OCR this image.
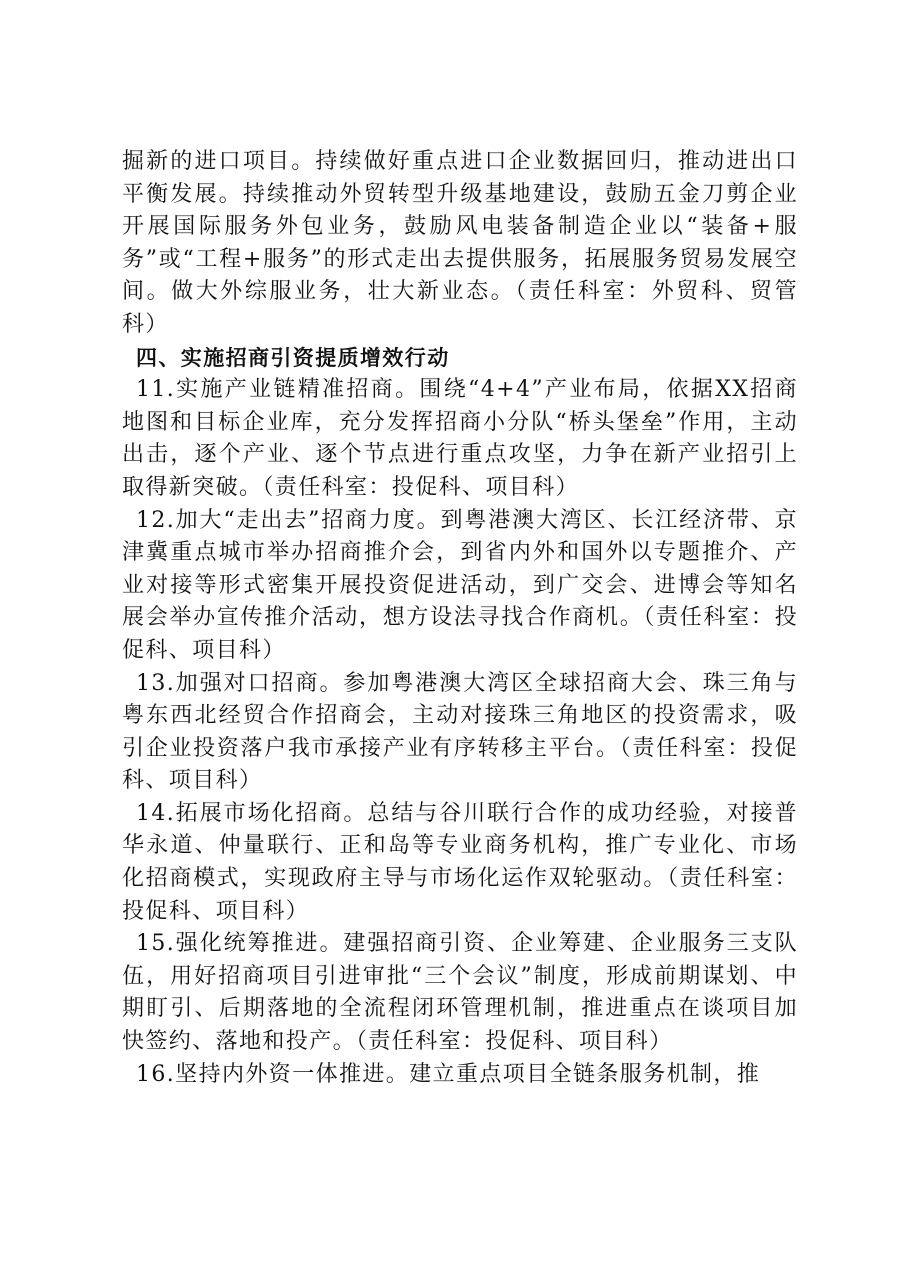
掘新的进口项目。持续做好重点进口企业数据回归，推动进出口平衡发展。持续推动外贸转型升级基地建设，鼓励五金刀剪企业开展国际服务外包业务，鼓励风电装备制造企业以“装备+服务”或“工程+服务”的形式走出去提供服务，拓展服务贸易发展空间。做大外综服业务，壮大新业态。（责任科室：外贸科、贸管科）

四、实施招商引资提质增效行动

11.实施产业链精准招商。围绕“4+4”产业布局，依据XX招商地图和目标企业库，充分发挥招商小分队“桥头堡垒”作用，主动出击，逐个产业、逐个节点进行重点攻坚，力争在新产业招引上取得新突破。（责任科室：投促科、项目科）

12.加大“走出去”招商力度。到粤港澳大湾区、长江经济带、京津冀重点城市举办招商推介会，到省内外和国外以专题推介、产业对接等形式密集开展投资促进活动，到广交会、进博会等知名展会举办宣传推介活动，想方设法寻找合作商机。（责任科室：投促科、项目科）

13.加强对口招商。参加粤港澳大湾区全球招商大会、珠三角与粤东西北经贸合作招商会，主动对接珠三角地区的投资需求，吸引企业投资落户我市承接产业有序转移主平台。（责任科室：投促科、项目科）

14.拓展市场化招商。总结与谷川联行合作的成功经验，对接普华永道、仲量联行、正和岛等专业商务机构，推广专业化、市场化招商模式，实现政府主导与市场化运作双轮驱动。（责任科室：投促科、项目科）

15.强化统筹推进。建强招商引资、企业筹建、企业服务三支队伍，用好招商项目引进审批“三个会议”制度，形成前期谋划、中期盯引、后期落地的全流程闭环管理机制，推进重点在谈项目加快签约、落地和投产。（责任科室：投促科、项目科）

16.坚持内外资一体推进。建立重点项目全链条服务机制，推
